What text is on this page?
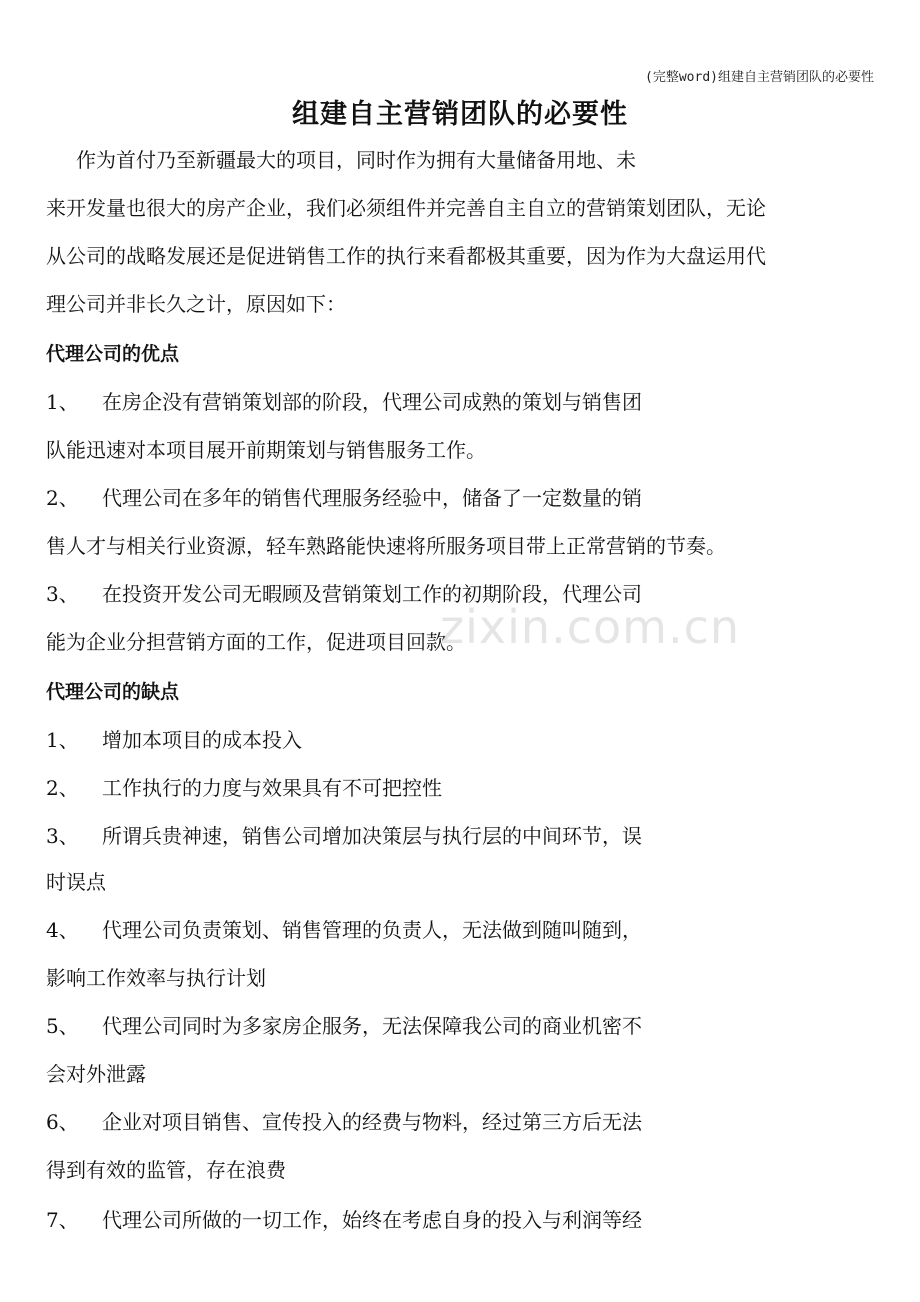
(完整word)组建自主营销团队的必要性
组建自主营销团队的必要性
作为首付乃至新疆最大的项目，同时作为拥有大量储备用地、未
来开发量也很大的房产企业，我们必须组件并完善自主自立的营销策划团队，无论
从公司的战略发展还是促进销售工作的执行来看都极其重要，因为作为大盘运用代
理公司并非长久之计，原因如下：
代理公司的优点
1、 在房企没有营销策划部的阶段，代理公司成熟的策划与销售团
队能迅速对本项目展开前期策划与销售服务工作。
2、 代理公司在多年的销售代理服务经验中，储备了一定数量的销
售人才与相关行业资源，轻车熟路能快速将所服务项目带上正常营销的节奏。
3、 在投资开发公司无暇顾及营销策划工作的初期阶段，代理公司
能为企业分担营销方面的工作，促进项目回款。
代理公司的缺点
1、 增加本项目的成本投入
2、 工作执行的力度与效果具有不可把控性
3、 所谓兵贵神速，销售公司增加决策层与执行层的中间环节，误
时误点
4、 代理公司负责策划、销售管理的负责人，无法做到随叫随到，
影响工作效率与执行计划
5、 代理公司同时为多家房企服务，无法保障我公司的商业机密不
会对外泄露
6、 企业对项目销售、宣传投入的经费与物料，经过第三方后无法
得到有效的监管，存在浪费
7、 代理公司所做的一切工作，始终在考虑自身的投入与利润等经
zixin.com.cn
